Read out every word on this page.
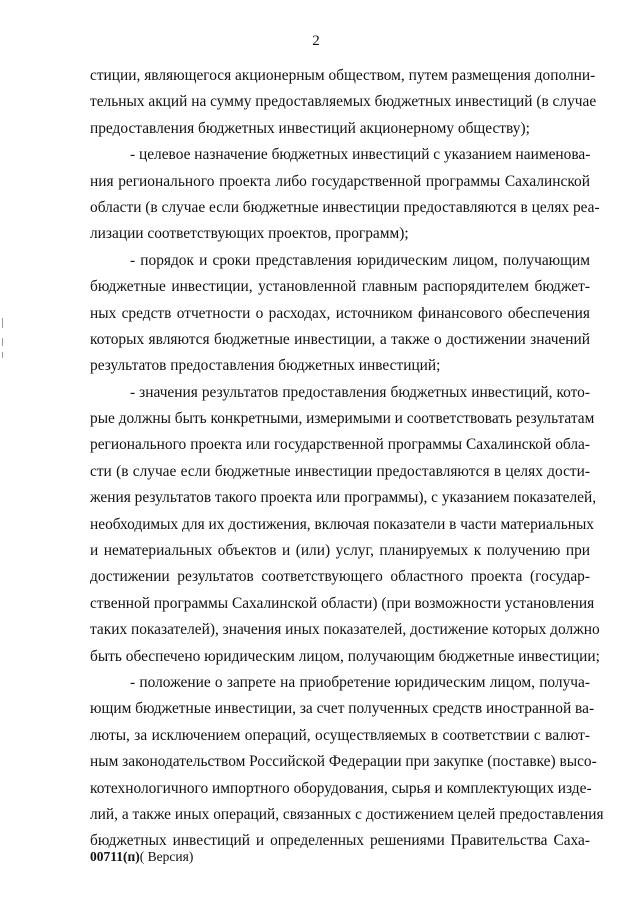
2
стиции, являющегося акционерным обществом, путем размещения дополни-
тельных акций на сумму предоставляемых бюджетных инвестиций (в случае
предоставления бюджетных инвестиций акционерному обществу);
- целевое назначение бюджетных инвестиций с указанием наименова-
ния регионального проекта либо государственной программы Сахалинской
области (в случае если бюджетные инвестиции предоставляются в целях реа-
лизации соответствующих проектов, программ);
- порядок и сроки представления юридическим лицом, получающим
бюджетные инвестиции, установленной главным распорядителем бюджет-
ных средств отчетности о расходах, источником финансового обеспечения
которых являются бюджетные инвестиции, а также о достижении значений
результатов предоставления бюджетных инвестиций;
- значения результатов предоставления бюджетных инвестиций, кото-
рые должны быть конкретными, измеримыми и соответствовать результатам
регионального проекта или государственной программы Сахалинской обла-
сти (в случае если бюджетные инвестиции предоставляются в целях дости-
жения результатов такого проекта или программы), с указанием показателей,
необходимых для их достижения, включая показатели в части материальных
и нематериальных объектов и (или) услуг, планируемых к получению при
достижении результатов соответствующего областного проекта (государ-
ственной программы Сахалинской области) (при возможности установления
таких показателей), значения иных показателей, достижение которых должно
быть обеспечено юридическим лицом, получающим бюджетные инвестиции;
- положение о запрете на приобретение юридическим лицом, получа-
ющим бюджетные инвестиции, за счет полученных средств иностранной ва-
люты, за исключением операций, осуществляемых в соответствии с валют-
ным законодательством Российской Федерации при закупке (поставке) высо-
котехнологичного импортного оборудования, сырья и комплектующих изде-
лий, а также иных операций, связанных с достижением целей предоставления
бюджетных инвестиций и определенных решениями Правительства Саха-
00711(п)( Версия)
